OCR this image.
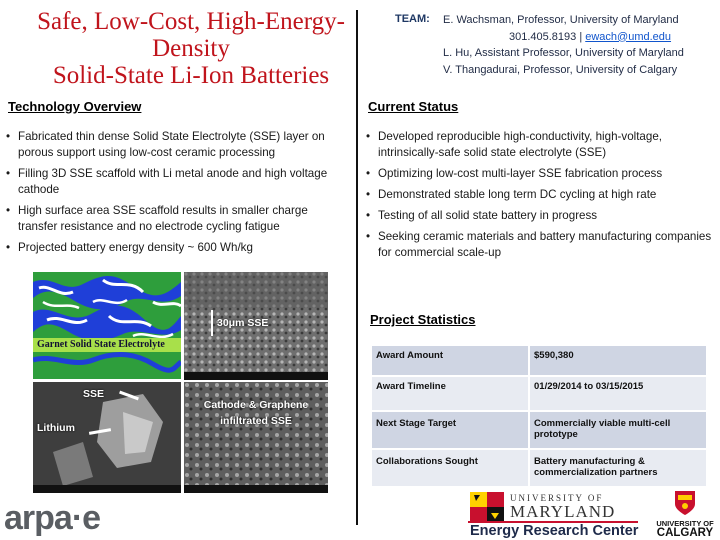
Safe, Low-Cost, High-Energy-Density
Solid-State Li-Ion Batteries
TEAM: E. Wachsman, Professor, University of Maryland
301.405.8193 | ewach@umd.edu
L. Hu, Assistant Professor, University of Maryland
V. Thangadurai, Professor, University of Calgary
Technology Overview
• Fabricated thin dense Solid State Electrolyte (SSE) layer on porous support using low-cost ceramic processing
• Filling 3D SSE scaffold with Li metal anode and high voltage cathode
• High surface area SSE scaffold results in smaller charge transfer resistance and no electrode cycling fatigue
• Projected battery energy density ~ 600 Wh/kg
Current Status
• Developed reproducible high-conductivity, high-voltage, intrinsically-safe solid state electrolyte (SSE)
• Optimizing low-cost multi-layer SSE fabrication process
• Demonstrated stable long term DC cycling at high rate
• Testing of all solid state battery in progress
• Seeking ceramic materials and battery manufacturing companies for commercial scale-up
Garnet Solid State Electrolyte
30μm SSE
SSE
Lithium
Cathode & Graphene infiltrated SSE
Project Statistics
Award Amount	$590,380
Award Timeline	01/29/2014 to 03/15/2015
Next Stage Target	Commercially viable multi-cell prototype
Collaborations Sought	Battery manufacturing & commercialization partners
arpa·e
UNIVERSITY OF
MARYLAND
Energy Research Center UNIVERSITY OF
CALGARY
